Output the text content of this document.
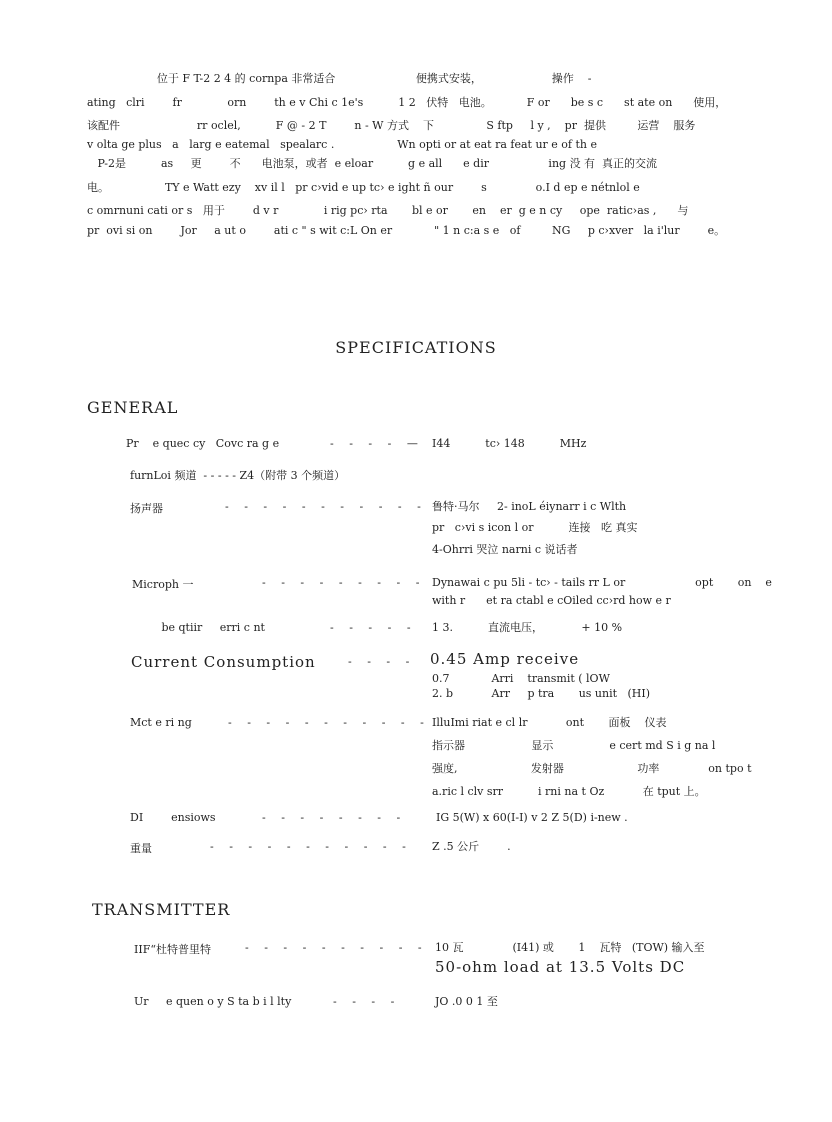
位于 F T-2 2 4 的 cornpa 非常适合                       便携式安装，                    操作    -
ating   clri        fr             orn        th e v Chi c 1e's          1 2   伏特   电池。          F or      be s c      st ate on      使用，
该配件                      rr oclel,          F @ - 2 T        n - W 方式    下               S ftp     l y ,    pr  提供         运营    服务
v olta ge plus   a   larg e eatemal   spealarc .                  Wn opti or at eat ra feat ur e of th e
P-2是          as     更        不      电池泵，或者  e eloar          g e all      e dir                 ing 没 有  真正的交流
电。                TY e Watt ezy    xv il l   pr c›vid e up tc› e ight ñ our        s              o.I d ep e nétnlol e
c omrnuni cati or s   用于        d v r             i rig pc› rta       bl e or       en    er  g e n cy     ope  ratic›as ,      与
pr  ovi si on        Jor     a ut o        ati c " s wit c:L On er            " 1 n c:a s e   of         NG     p c›xver   la i'lur        e。
SPECIFICATIONS
GENERAL
Pr    e quec cy   Covc ra g e	- - - - — I44          tc› 148          MHz
furnLoi 频道  - - - - - Z4（附带 3 个频道）
扬声器	- - - - - - - - - - - 鲁特·马尔     2- inoL éiynarr i c Wlth
pr   c›vi s icon l or          连接   吃 真实
4-Ohrri 哭泣 narni c 说话者
Microph 一	- - - - - - - - - Dynawai c pu 5li - tc› - tails rr L or                    opt       on    e
with r      et ra ctabl e cOiled cc›rd how e r
be qtiir     erri c nt	- - - - - 1 3.          直流电压，           + 10 %
Current Consumption	- - - - 0.45 Amp receive
0.7            Arri    transmit ( lOW
2. b           Arr     p tra       us unit   (HI)
Mct e ri ng	- - - - - - - - - - - IlluImi riat e cl lr           ont       面板    仪表
指示器                   显示                e cert md S i g na l
强度,                     发射器                     功率              on tpo t
a.ric l clv srr          i rni na t Oz           在 tput 上。
DI        ensiows	- - - - - - - -	IG 5(W) x 60(I-I) v 2 Z 5(D) i-new .
重量	- - - - - - - - - - - Z .5 公斤        .
TRANSMITTER
IIF“杜特普里特	- - - - - - - - - - 10 瓦              (I41) 或       1    瓦特   (TOW) 输入至
50-ohm load at 13.5 Volts DC
Ur     e quen o y S ta b i l lty	- - - -	JO .0 0 1 至
